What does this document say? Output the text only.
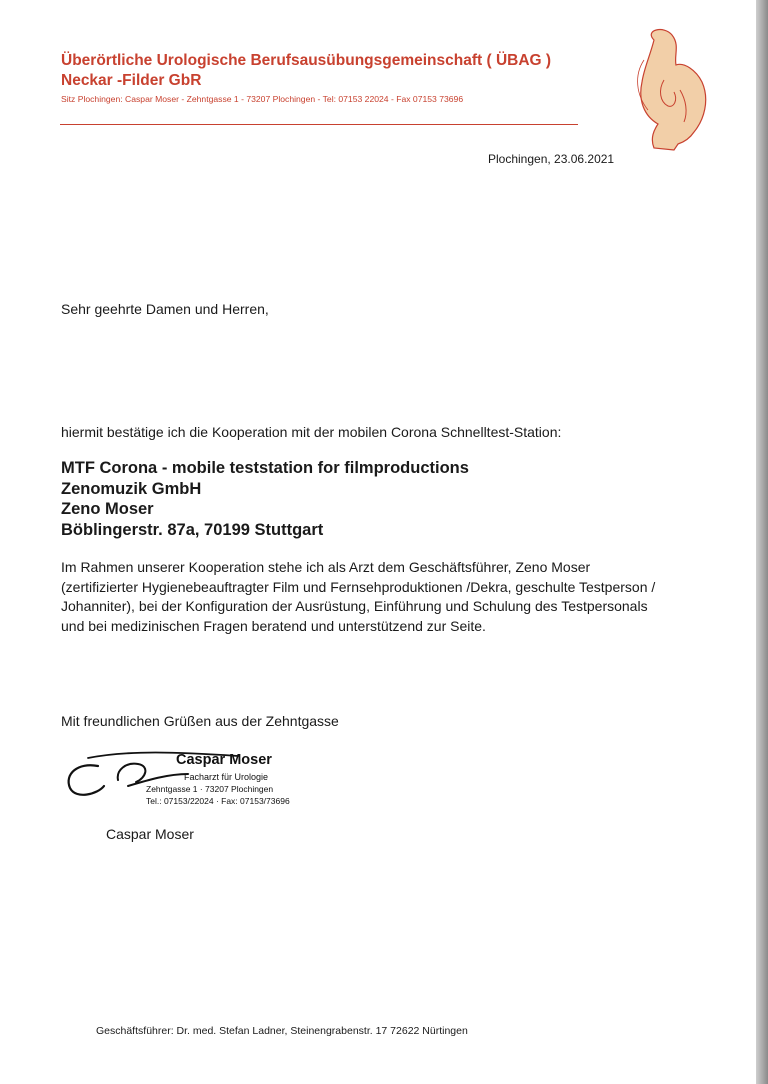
Überörtliche Urologische Berufsausübungsgemeinschaft ( ÜBAG )
Neckar -Filder GbR
Sitz Plochingen: Caspar Moser - Zehntgasse 1 - 73207 Plochingen - Tel: 07153 22024 - Fax 07153 73696
Plochingen, 23.06.2021
Sehr geehrte Damen und Herren,
hiermit bestätige ich die Kooperation mit der mobilen Corona Schnelltest-Station:
MTF Corona - mobile teststation for filmproductions
Zenomuzik GmbH
Zeno Moser
Böblingerstr. 87a, 70199 Stuttgart
Im Rahmen unserer Kooperation stehe ich als Arzt dem Geschäftsführer, Zeno Moser
(zertifizierter Hygienebeauftragter Film und Fernsehproduktionen /Dekra, geschulte Testperson /
Johanniter), bei der Konfiguration der Ausrüstung, Einführung und Schulung des Testpersonals
und bei medizinischen Fragen beratend und unterstützend zur Seite.
Mit freundlichen Grüßen aus der Zehntgasse
Caspar Moser
Facharzt für Urologie
Zehntgasse 1 · 73207 Plochingen
Tel.: 07153/22024 · Fax: 07153/73696
Caspar Moser
Geschäftsführer: Dr. med. Stefan Ladner, Steinengrabenstr. 17 72622 Nürtingen
